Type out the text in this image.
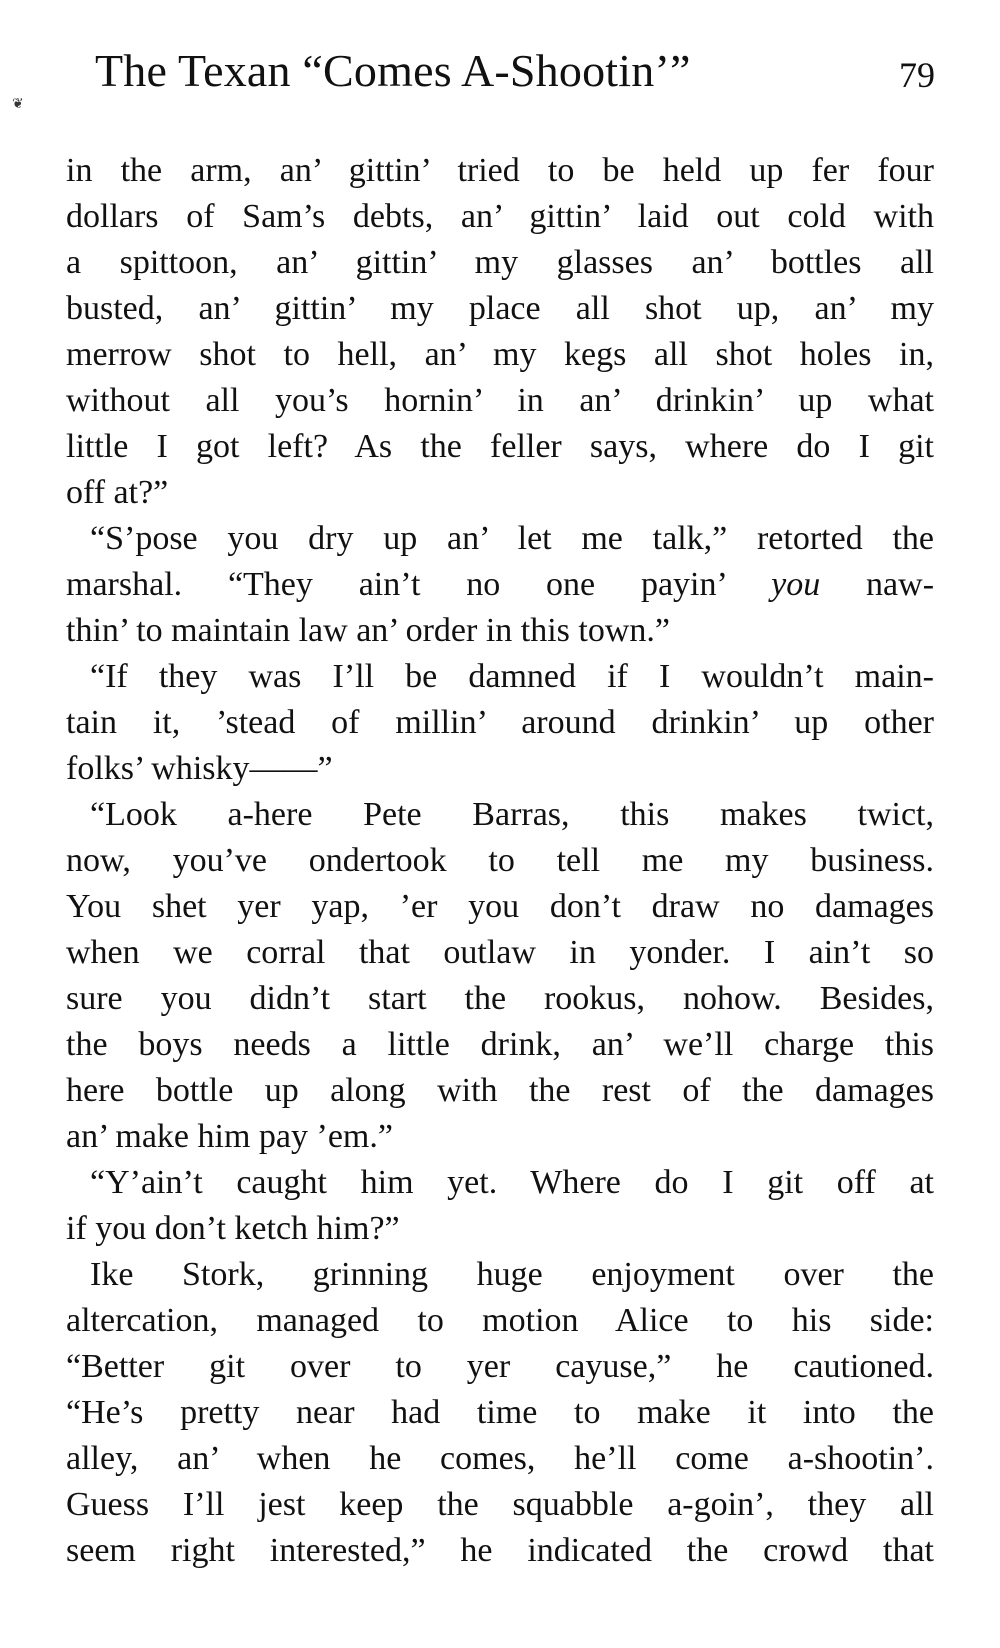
The Texan “Comes A-Shootin’”	79
❦
in the arm, an’ gittin’ tried to be held up fer four
dollars of Sam’s debts, an’ gittin’ laid out cold with
a spittoon, an’ gittin’ my glasses an’ bottles all
busted, an’ gittin’ my place all shot up, an’ my
merrow shot to hell, an’ my kegs all shot holes in,
without all you’s hornin’ in an’ drinkin’ up what
little I got left? As the feller says, where do I git
off at?”
“S’pose you dry up an’ let me talk,” retorted the
marshal. “They ain’t no one payin’ you naw-
thin’ to maintain law an’ order in this town.”
“If they was I’ll be damned if I wouldn’t main-
tain it, ’stead of millin’ around drinkin’ up other
folks’ whisky——”
“Look a-here Pete Barras, this makes twict,
now, you’ve ondertook to tell me my business.
You shet yer yap, ’er you don’t draw no damages
when we corral that outlaw in yonder. I ain’t so
sure you didn’t start the rookus, nohow. Besides,
the boys needs a little drink, an’ we’ll charge this
here bottle up along with the rest of the damages
an’ make him pay ’em.”
“Y’ain’t caught him yet. Where do I git off at
if you don’t ketch him?”
Ike Stork, grinning huge enjoyment over the
altercation, managed to motion Alice to his side:
“Better git over to yer cayuse,” he cautioned.
“He’s pretty near had time to make it into the
alley, an’ when he comes, he’ll come a-shootin’.
Guess I’ll jest keep the squabble a-goin’, they all
seem right interested,” he indicated the crowd that
